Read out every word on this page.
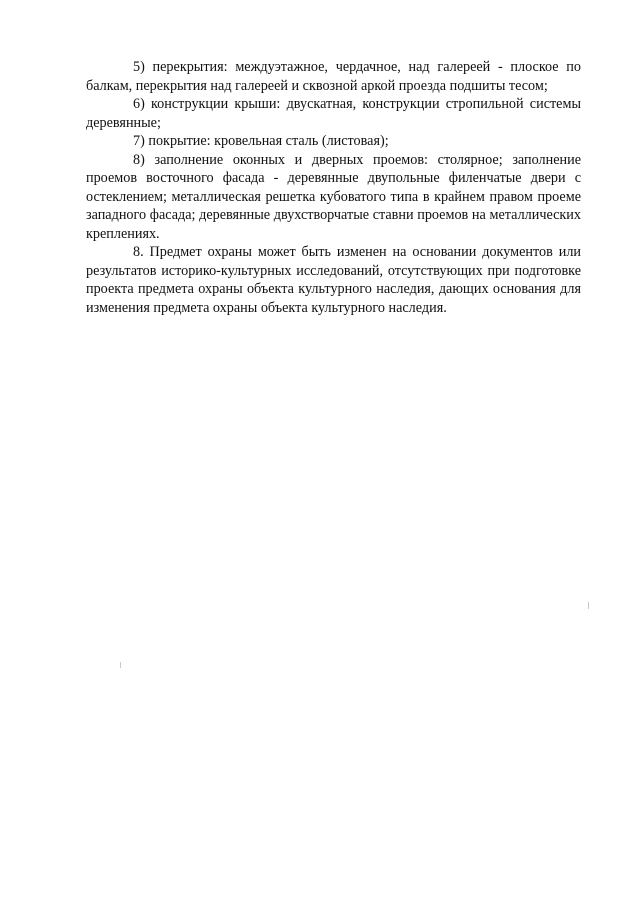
5) перекрытия: междуэтажное, чердачное, над галереей - плоское по балкам, перекрытия над галереей и сквозной аркой проезда подшиты тесом;

6) конструкции крыши: двускатная, конструкции стропильной системы деревянные;

7) покрытие: кровельная сталь (листовая);

8) заполнение оконных и дверных проемов: столярное; заполнение проемов восточного фасада - деревянные двупольные филенчатые двери с остеклением; металлическая решетка кубоватого типа в крайнем правом проеме западного фасада; деревянные двухстворчатые ставни проемов на металлических креплениях.

8. Предмет охраны может быть изменен на основании документов или результатов историко-культурных исследований, отсутствующих при подготовке проекта предмета охраны объекта культурного наследия, дающих основания для изменения предмета охраны объекта культурного наследия.
